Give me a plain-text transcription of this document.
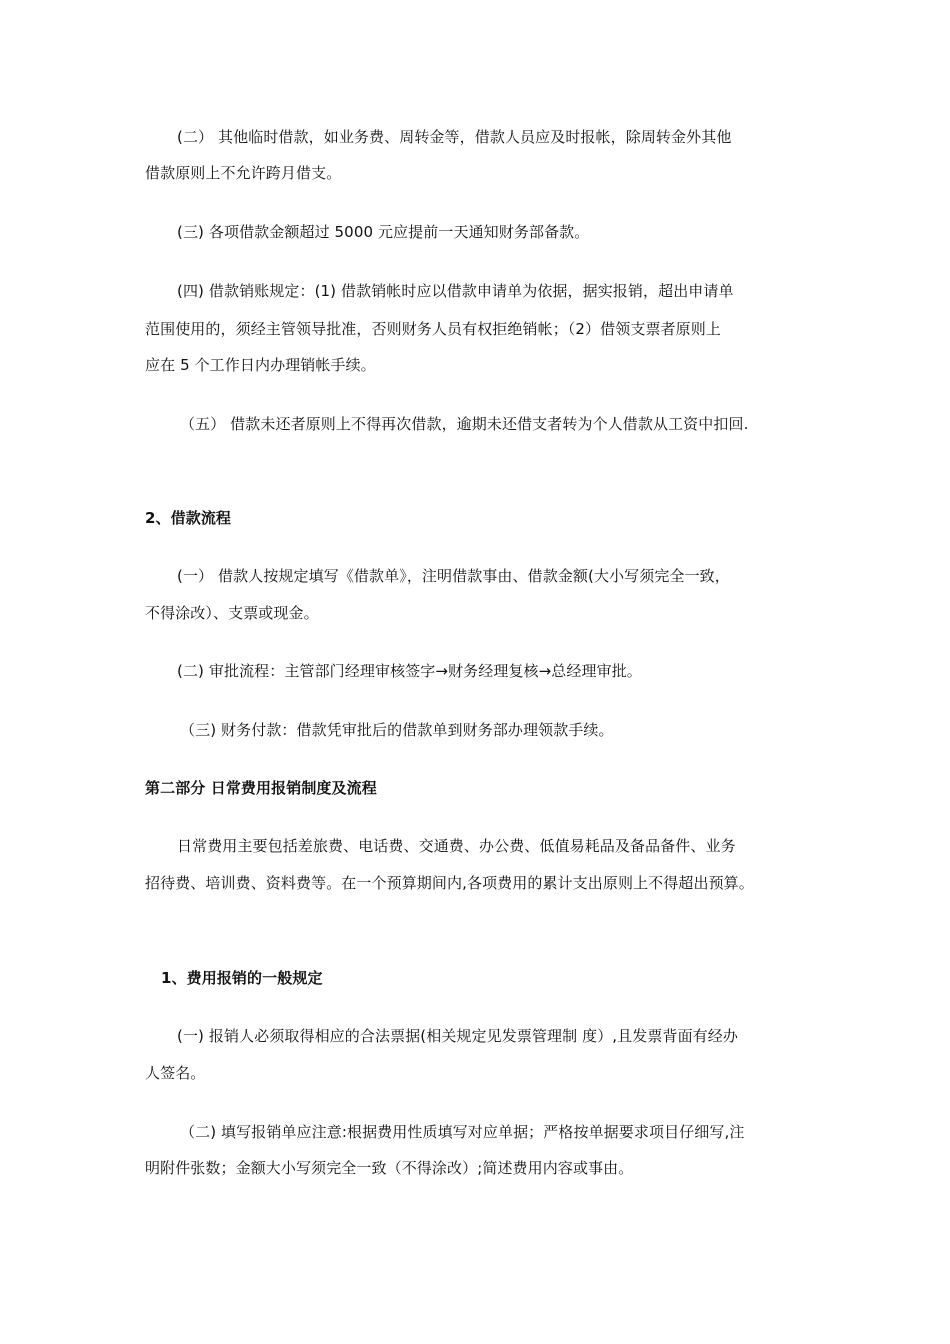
(二） 其他临时借款，如业务费、周转金等，借款人员应及时报帐，除周转金外其他
借款原则上不允许跨月借支。
(三) 各项借款金额超过 5000 元应提前一天通知财务部备款。
(四) 借款销账规定：(1) 借款销帐时应以借款申请单为依据，据实报销，超出申请单
范围使用的，须经主管领导批准，否则财务人员有权拒绝销帐；（2）借领支票者原则上
应在 5 个工作日内办理销帐手续。
（五） 借款未还者原则上不得再次借款，逾期未还借支者转为个人借款从工资中扣回.
2、借款流程
(一） 借款人按规定填写《借款单》，注明借款事由、借款金额(大小写须完全一致，
不得涂改）、支票或现金。
(二) 审批流程：主管部门经理审核签字→财务经理复核→总经理审批。
（三) 财务付款：借款凭审批后的借款单到财务部办理领款手续。
第二部分 日常费用报销制度及流程
日常费用主要包括差旅费、电话费、交通费、办公费、低值易耗品及备品备件、业务
招待费、培训费、资料费等。在一个预算期间内,各项费用的累计支出原则上不得超出预算。
1、费用报销的一般规定
(一) 报销人必须取得相应的合法票据(相关规定见发票管理制 度）,且发票背面有经办
人签名。
（二) 填写报销单应注意:根据费用性质填写对应单据；严格按单据要求项目仔细写,注
明附件张数；金额大小写须完全一致（不得涂改）;简述费用内容或事由。
